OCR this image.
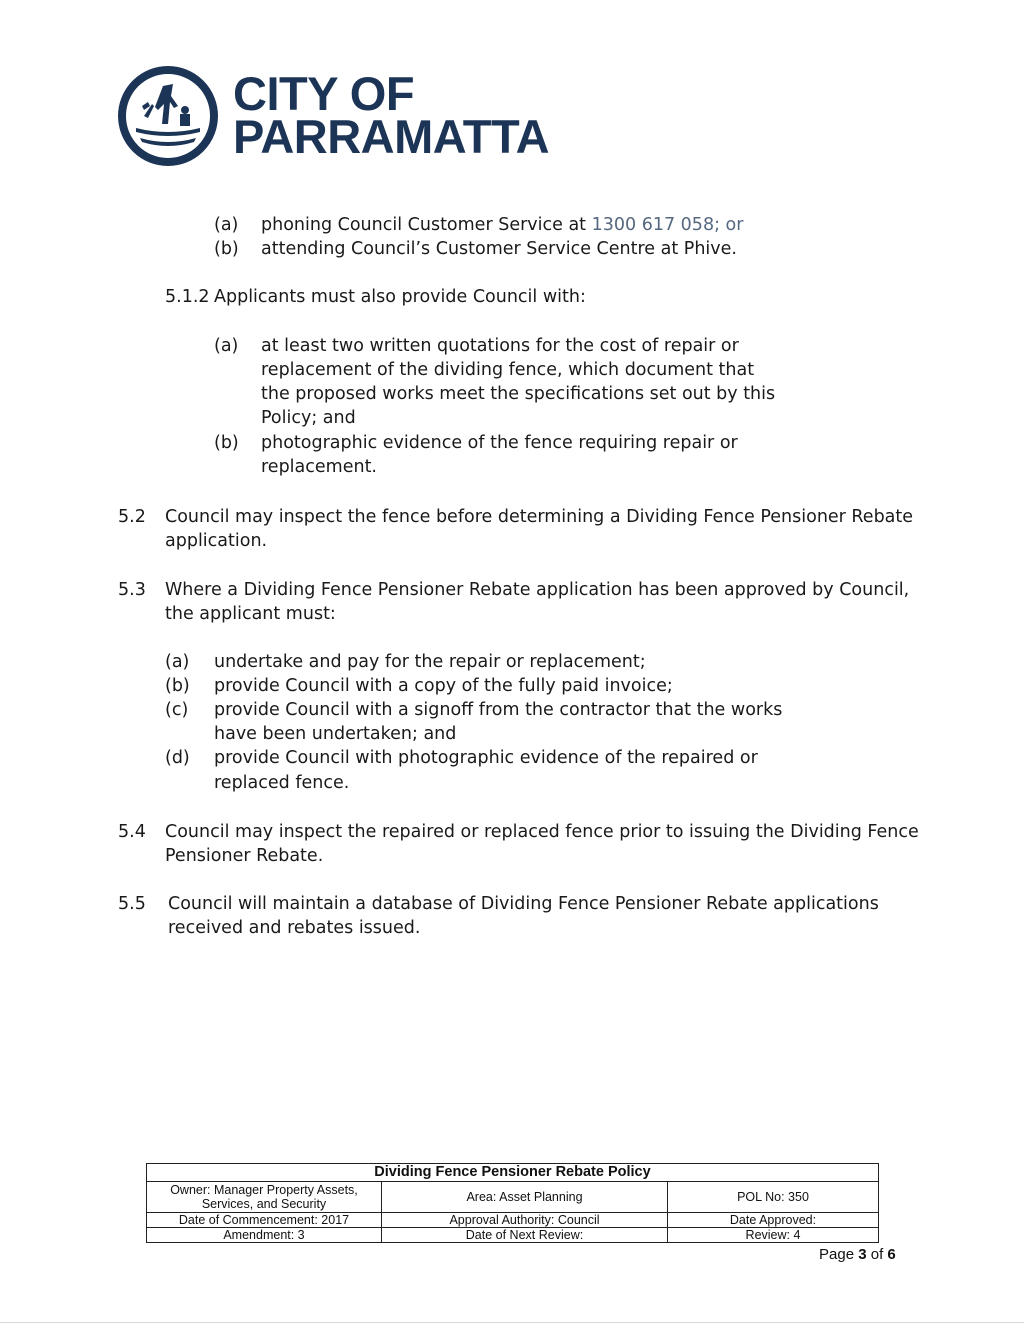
CITY OF
PARRAMATTA
(a) phoning Council Customer Service at 1300 617 058; or
(b) attending Council’s Customer Service Centre at Phive.
5.1.2 Applicants must also provide Council with:
(a) at least two written quotations for the cost of repair or
replacement of the dividing fence, which document that
the proposed works meet the specifications set out by this
Policy; and
(b) photographic evidence of the fence requiring repair or
replacement.
5.2 Council may inspect the fence before determining a Dividing Fence Pensioner Rebate
application.
5.3 Where a Dividing Fence Pensioner Rebate application has been approved by Council,
the applicant must:
(a) undertake and pay for the repair or replacement;
(b) provide Council with a copy of the fully paid invoice;
(c) provide Council with a signoff from the contractor that the works
have been undertaken; and
(d) provide Council with photographic evidence of the repaired or
replaced fence.
5.4 Council may inspect the repaired or replaced fence prior to issuing the Dividing Fence
Pensioner Rebate.
5.5 Council will maintain a database of Dividing Fence Pensioner Rebate applications
received and rebates issued.
Dividing Fence Pensioner Rebate Policy		

Owner: Manager Property Assets,
Services, and Security	Area: Asset Planning	POL No: 350
Date of Commencement: 2017	Approval Authority: Council	Date Approved:
Amendment: 3	Date of Next Review:	Review: 4
Page 3 of 6
